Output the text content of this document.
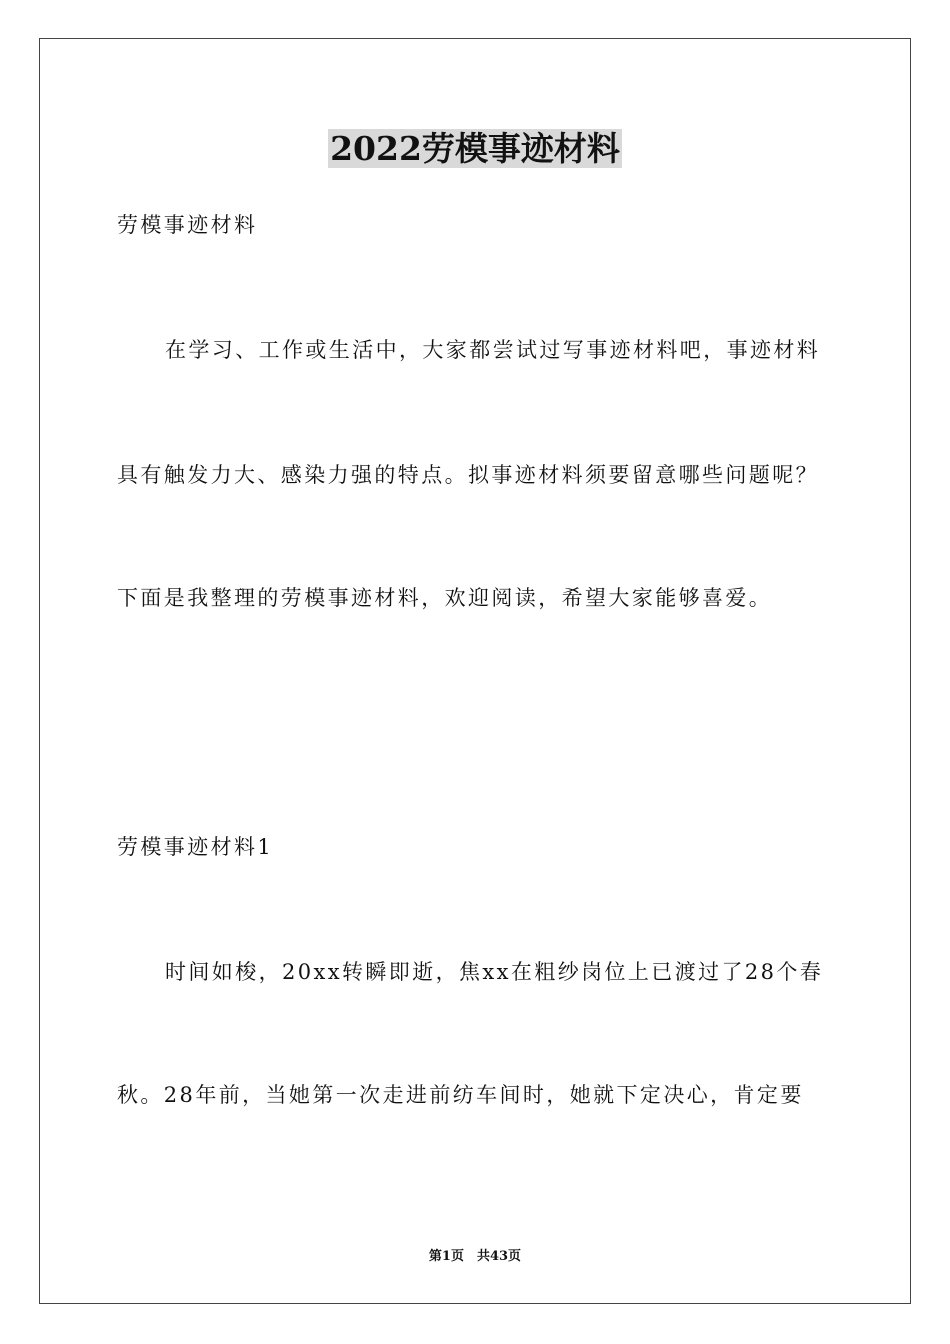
2022劳模事迹材料
劳模事迹材料
在学习、工作或生活中，大家都尝试过写事迹材料吧，事迹材料
具有触发力大、感染力强的特点。拟事迹材料须要留意哪些问题呢？
下面是我整理的劳模事迹材料，欢迎阅读，希望大家能够喜爱。
劳模事迹材料1
时间如梭，20xx转瞬即逝，焦xx在粗纱岗位上已渡过了28个春
秋。28年前，当她第一次走进前纺车间时，她就下定决心，肯定要
第1页　共43页
